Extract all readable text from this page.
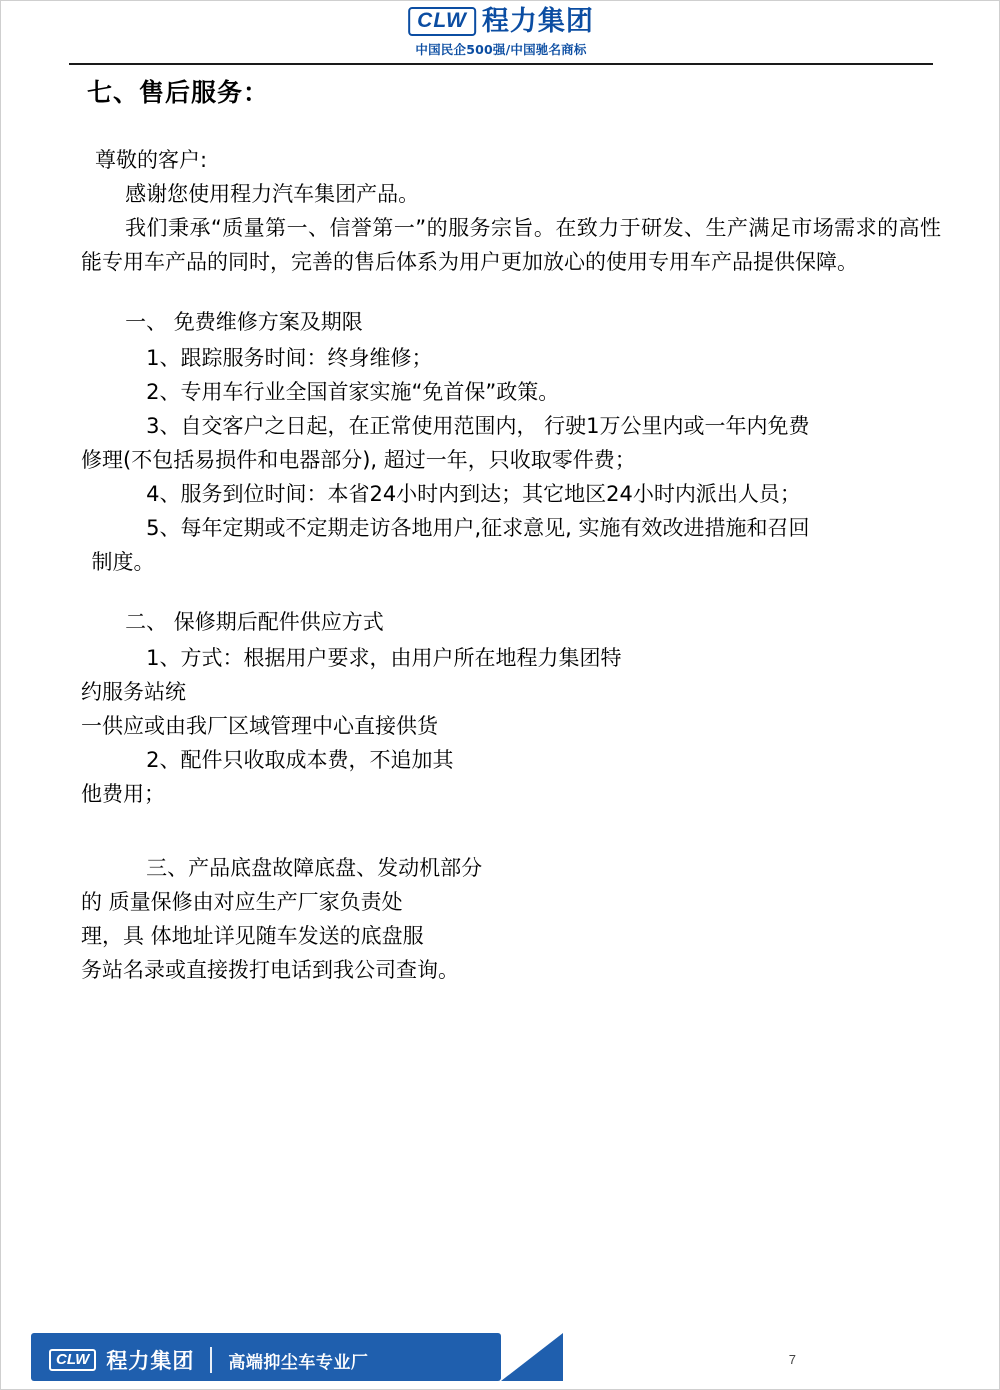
CLW 程力集团
中国民企500强/中国驰名商标
七、售后服务：

尊敬的客户:

感谢您使用程力汽车集团产品。

我们秉承“质量第一、信誉第一”的服务宗旨。在致力于研发、生产满足市场需求的高性能专用车产品的同时，完善的售后体系为用户更加放心的使用专用车产品提供保障。

一、 免费维修方案及期限

1、跟踪服务时间：终身维修；

2、专用车行业全国首家实施“免首保”政策。

3、自交客户之日起，在正常使用范围内， 行驶1万公里内或一年内免费

修理(不包括易损件和电器部分), 超过一年，只收取零件费；

4、服务到位时间：本省24小时内到达；其它地区24小时内派出人员；

5、每年定期或不定期走访各地用户,征求意见, 实施有效改进措施和召回

制度。

二、 保修期后配件供应方式

1、方式：根据用户要求，由用户所在地程力集团特约服务站统

一供应或由我厂区域管理中心直接供货

2、配件只收取成本费，不追加其

他费用；

三、产品底盘故障底盘、发动机部分

的 质量保修由对应生产厂家负责处

理，具 体地址详见随车发送的底盘服

务站名录或直接拨打电话到我公司查询。

CLW 程力集团 高端抑尘车专业厂	7
